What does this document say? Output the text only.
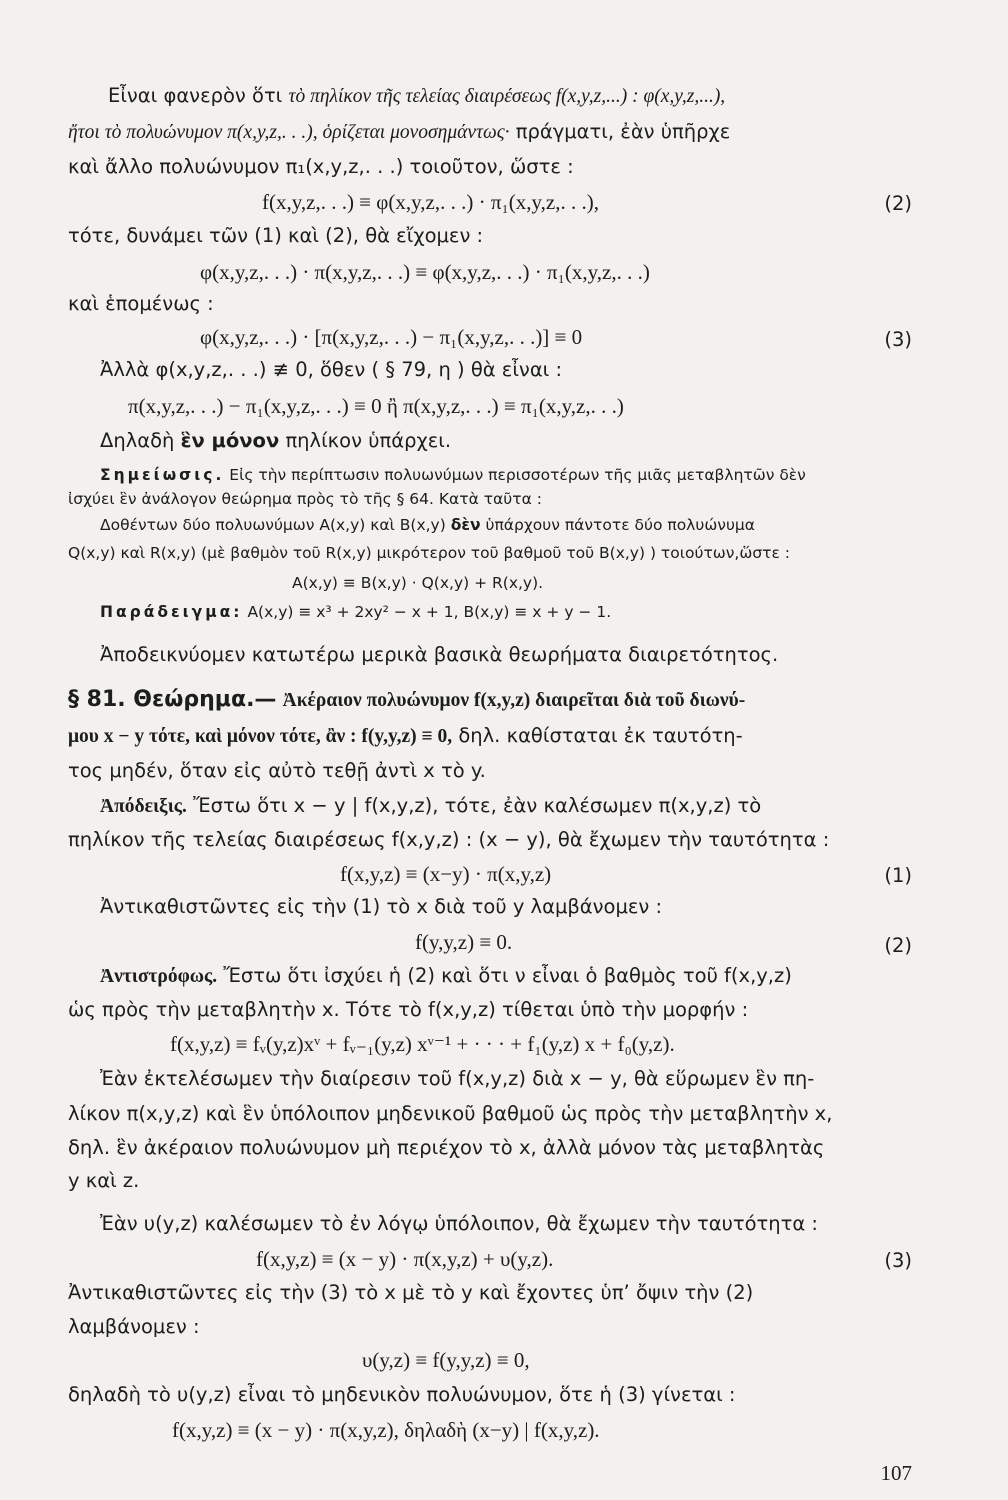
Εἶναι φανερὸν ὅτι τὸ πηλίκον τῆς τελείας διαιρέσεως f(x,y,z,...) : φ(x,y,z,...),
ἤτοι τὸ πολυώνυμον π(x,y,z,. . .), ὁρίζεται μονοσημάντως· πράγματι, ἐὰν ὑπῆρχε
καὶ ἄλλο πολυώνυμον π₁(x,y,z,. . .) τοιοῦτον, ὥστε :
f(x,y,z,. . .) ≡ φ(x,y,z,. . .) · π₁(x,y,z,. . .),	(2)
τότε, δυνάμει τῶν (1) καὶ (2), θὰ εἴχομεν :
φ(x,y,z,. . .) · π(x,y,z,. . .) ≡ φ(x,y,z,. . .) · π₁(x,y,z,. . .)
καὶ ἑπομένως :
φ(x,y,z,. . .) · [π(x,y,z,. . .) − π₁(x,y,z,. . .)] ≡ 0	(3)
Ἀλλὰ φ(x,y,z,. . .) ≢ 0, ὅθεν ( § 79, η ) θὰ εἶναι :
π(x,y,z,. . .) − π₁(x,y,z,. . .) ≡ 0 ἢ π(x,y,z,. . .) ≡ π₁(x,y,z,. . .)
Δηλαδὴ ἓν μόνον πηλίκον ὑπάρχει.
Σημείωσις. Εἰς τὴν περίπτωσιν πολυωνύμων περισσοτέρων τῆς μιᾶς μεταβλητῶν δὲν
ἰσχύει ἓν ἀνάλογον θεώρημα πρὸς τὸ τῆς § 64. Κατὰ ταῦτα :
Δοθέντων δύο πολυωνύμων A(x,y) καὶ B(x,y) δὲν ὑπάρχουν πάντοτε δύο πολυώνυμα
Q(x,y) καὶ R(x,y) (μὲ βαθμὸν τοῦ R(x,y) μικρότερον τοῦ βαθμοῦ τοῦ B(x,y) ) τοιούτων,ὥστε :
A(x,y) ≡ B(x,y) · Q(x,y) + R(x,y).
Παράδειγμα: A(x,y) ≡ x³ + 2xy² − x + 1, B(x,y) ≡ x + y − 1.
Ἀποδεικνύομεν κατωτέρω μερικὰ βασικὰ θεωρήματα διαιρετότητος.
§ 81. Θεώρημα.— Ἀκέραιον πολυώνυμον f(x,y,z) διαιρεῖται διὰ τοῦ διωνύ-
μου x − y τότε, καὶ μόνον τότε, ἂν : f(y,y,z) ≡ 0, δηλ. καθίσταται ἐκ ταυτότη-
τος μηδέν, ὅταν εἰς αὐτὸ τεθῇ ἀντὶ x τὸ y.
Ἀπόδειξις. Ἔστω ὅτι x − y | f(x,y,z), τότε, ἐὰν καλέσωμεν π(x,y,z) τὸ
πηλίκον τῆς τελείας διαιρέσεως f(x,y,z) : (x − y), θὰ ἔχωμεν τὴν ταυτότητα :
f(x,y,z) ≡ (x−y) · π(x,y,z)	(1)
Ἀντικαθιστῶντες εἰς τὴν (1) τὸ x διὰ τοῦ y λαμβάνομεν :
f(y,y,z) ≡ 0.	(2)
Ἀντιστρόφως. Ἔστω ὅτι ἰσχύει ἡ (2) καὶ ὅτι ν εἶναι ὁ βαθμὸς τοῦ f(x,y,z)
ὡς πρὸς τὴν μεταβλητὴν x. Τότε τὸ f(x,y,z) τίθεται ὑπὸ τὴν μορφήν :
f(x,y,z) ≡ fᵥ(y,z)xᵛ + fᵥ₋₁(y,z) xᵛ⁻¹ + · · · + f₁(y,z) x + f₀(y,z).
Ἐὰν ἐκτελέσωμεν τὴν διαίρεσιν τοῦ f(x,y,z) διὰ x − y, θὰ εὕρωμεν ἓν πη-
λίκον π(x,y,z) καὶ ἓν ὑπόλοιπον μηδενικοῦ βαθμοῦ ὡς πρὸς τὴν μεταβλητὴν x,
δηλ. ἓν ἀκέραιον πολυώνυμον μὴ περιέχον τὸ x, ἀλλὰ μόνον τὰς μεταβλητὰς
y καὶ z.
Ἐὰν υ(y,z) καλέσωμεν τὸ ἐν λόγῳ ὑπόλοιπον, θὰ ἔχωμεν τὴν ταυτότητα :
f(x,y,z) ≡ (x − y) · π(x,y,z) + υ(y,z).	(3)
Ἀντικαθιστῶντες εἰς τὴν (3) τὸ x μὲ τὸ y καὶ ἔχοντες ὑπ’ ὄψιν τὴν (2)
λαμβάνομεν :
υ(y,z) ≡ f(y,y,z) ≡ 0,
δηλαδὴ τὸ υ(y,z) εἶναι τὸ μηδενικὸν πολυώνυμον, ὅτε ἡ (3) γίνεται :
f(x,y,z) ≡ (x − y) · π(x,y,z), δηλαδὴ (x−y) | f(x,y,z).
107
